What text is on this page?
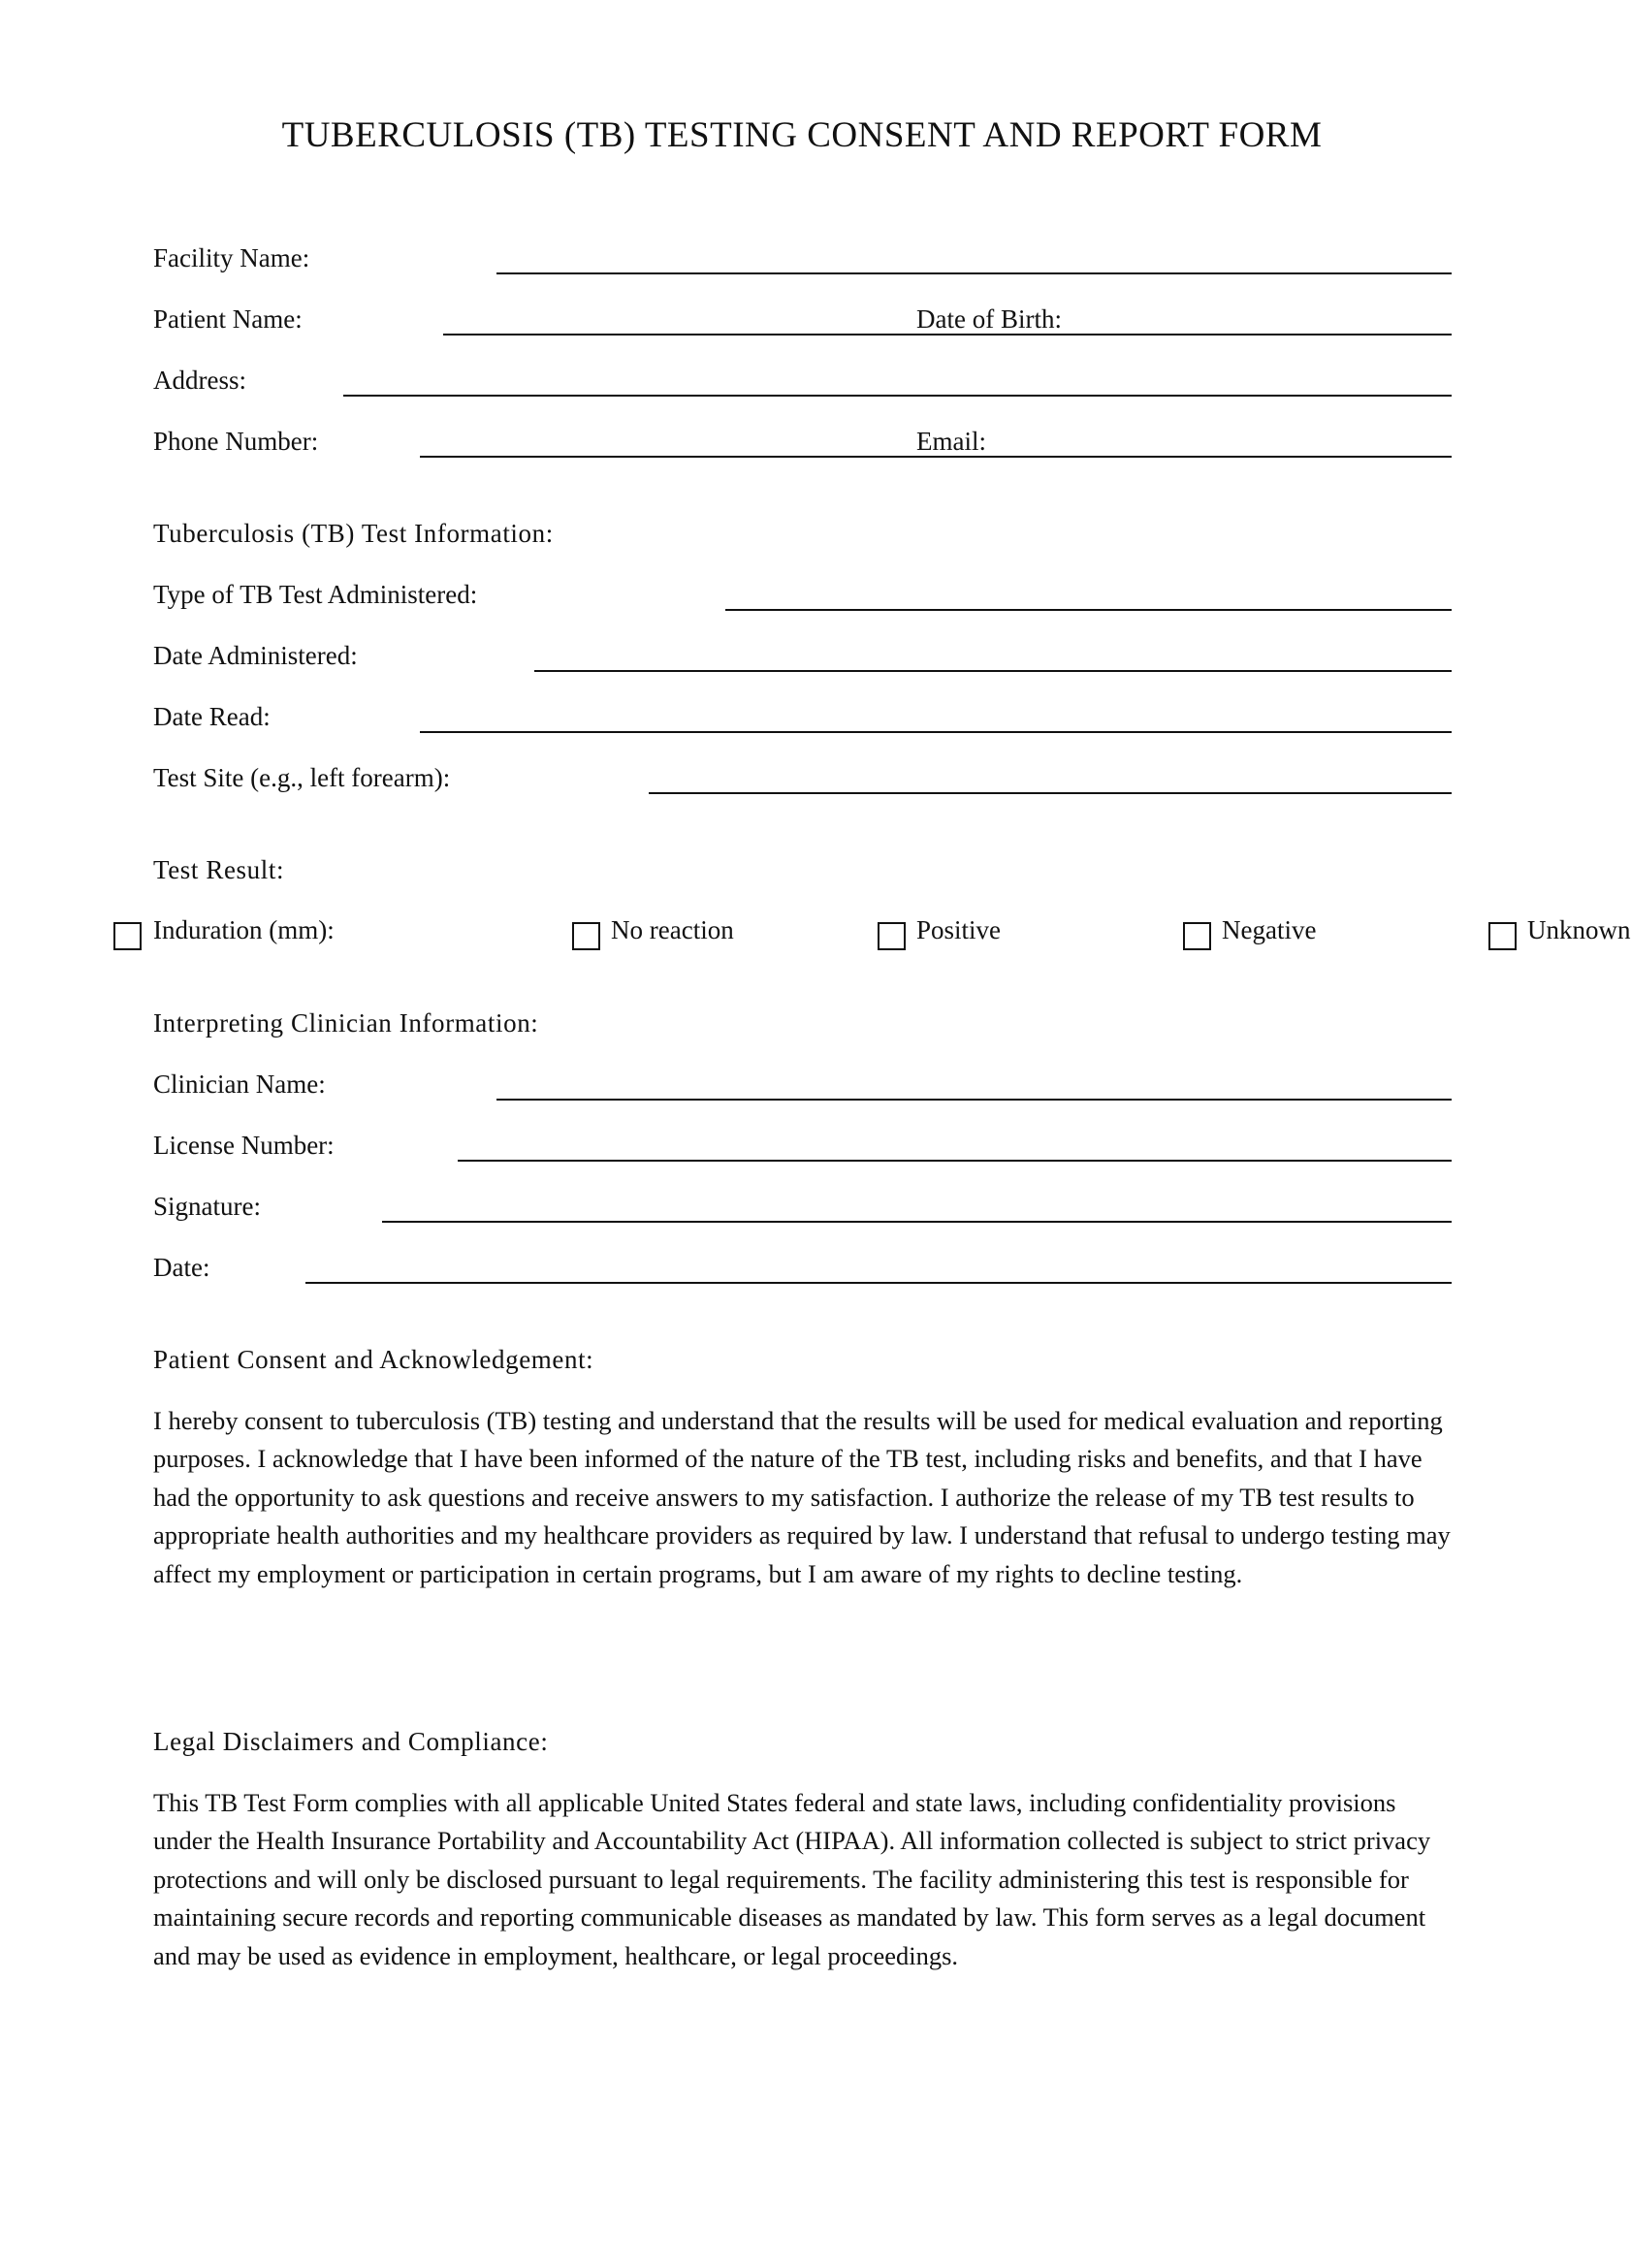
TUBERCULOSIS (TB) TESTING CONSENT AND REPORT FORM
Facility Name:
Patient Name:	Date of Birth:
Address:
Phone Number:	Email:
Tuberculosis (TB) Test Information:
Type of TB Test Administered:
Date Administered:
Date Read:
Test Site (e.g., left forearm):
Test Result:
Induration (mm):	No reaction	Positive	Negative	Unknown
Interpreting Clinician Information:
Clinician Name:
License Number:
Signature:
Date:
Patient Consent and Acknowledgement:

I hereby consent to tuberculosis (TB) testing and understand that the results will be used for medical evaluation and reporting purposes. I acknowledge that I have been informed of the nature of the TB test, including risks and benefits, and that I have had the opportunity to ask questions and receive answers to my satisfaction. I authorize the release of my TB test results to appropriate health authorities and my healthcare providers as required by law. I understand that refusal to undergo testing may affect my employment or participation in certain programs, but I am aware of my rights to decline testing.

Legal Disclaimers and Compliance:

This TB Test Form complies with all applicable United States federal and state laws, including confidentiality provisions under the Health Insurance Portability and Accountability Act (HIPAA). All information collected is subject to strict privacy protections and will only be disclosed pursuant to legal requirements. The facility administering this test is responsible for maintaining secure records and reporting communicable diseases as mandated by law. This form serves as a legal document and may be used as evidence in employment, healthcare, or legal proceedings.
